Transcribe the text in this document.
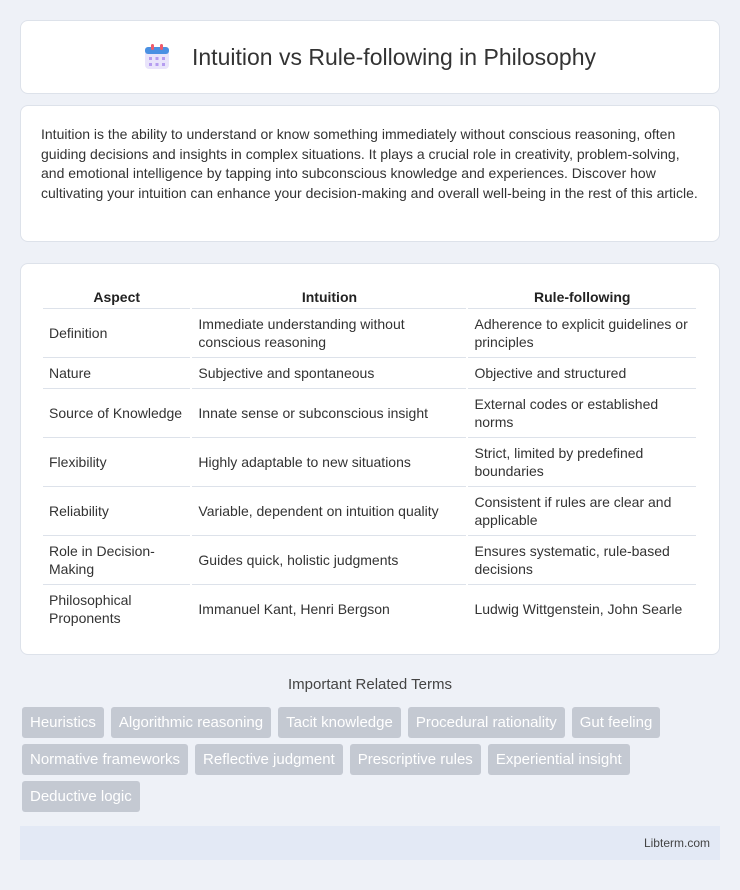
Intuition vs Rule-following in Philosophy

Intuition is the ability to understand or know something immediately without conscious reasoning, often guiding decisions and insights in complex situations. It plays a crucial role in creativity, problem-solving, and emotional intelligence by tapping into subconscious knowledge and experiences. Discover how cultivating your intuition can enhance your decision-making and overall well-being in the rest of this article.

Aspect	Intuition	Rule-following
Definition	Immediate understanding without conscious reasoning	Adherence to explicit guidelines or principles
Nature	Subjective and spontaneous	Objective and structured
Source of Knowledge	Innate sense or subconscious insight	External codes or established norms
Flexibility	Highly adaptable to new situations	Strict, limited by predefined boundaries
Reliability	Variable, dependent on intuition quality	Consistent if rules are clear and applicable
Role in Decision-Making	Guides quick, holistic judgments	Ensures systematic, rule-based decisions
Philosophical Proponents	Immanuel Kant, Henri Bergson	Ludwig Wittgenstein, John Searle
Important Related Terms
Heuristics	Algorithmic reasoning	Tacit knowledge	Procedural rationality	Gut feeling
Normative frameworks	Reflective judgment	Prescriptive rules	Experiential insight
Deductive logic
Libterm.com
